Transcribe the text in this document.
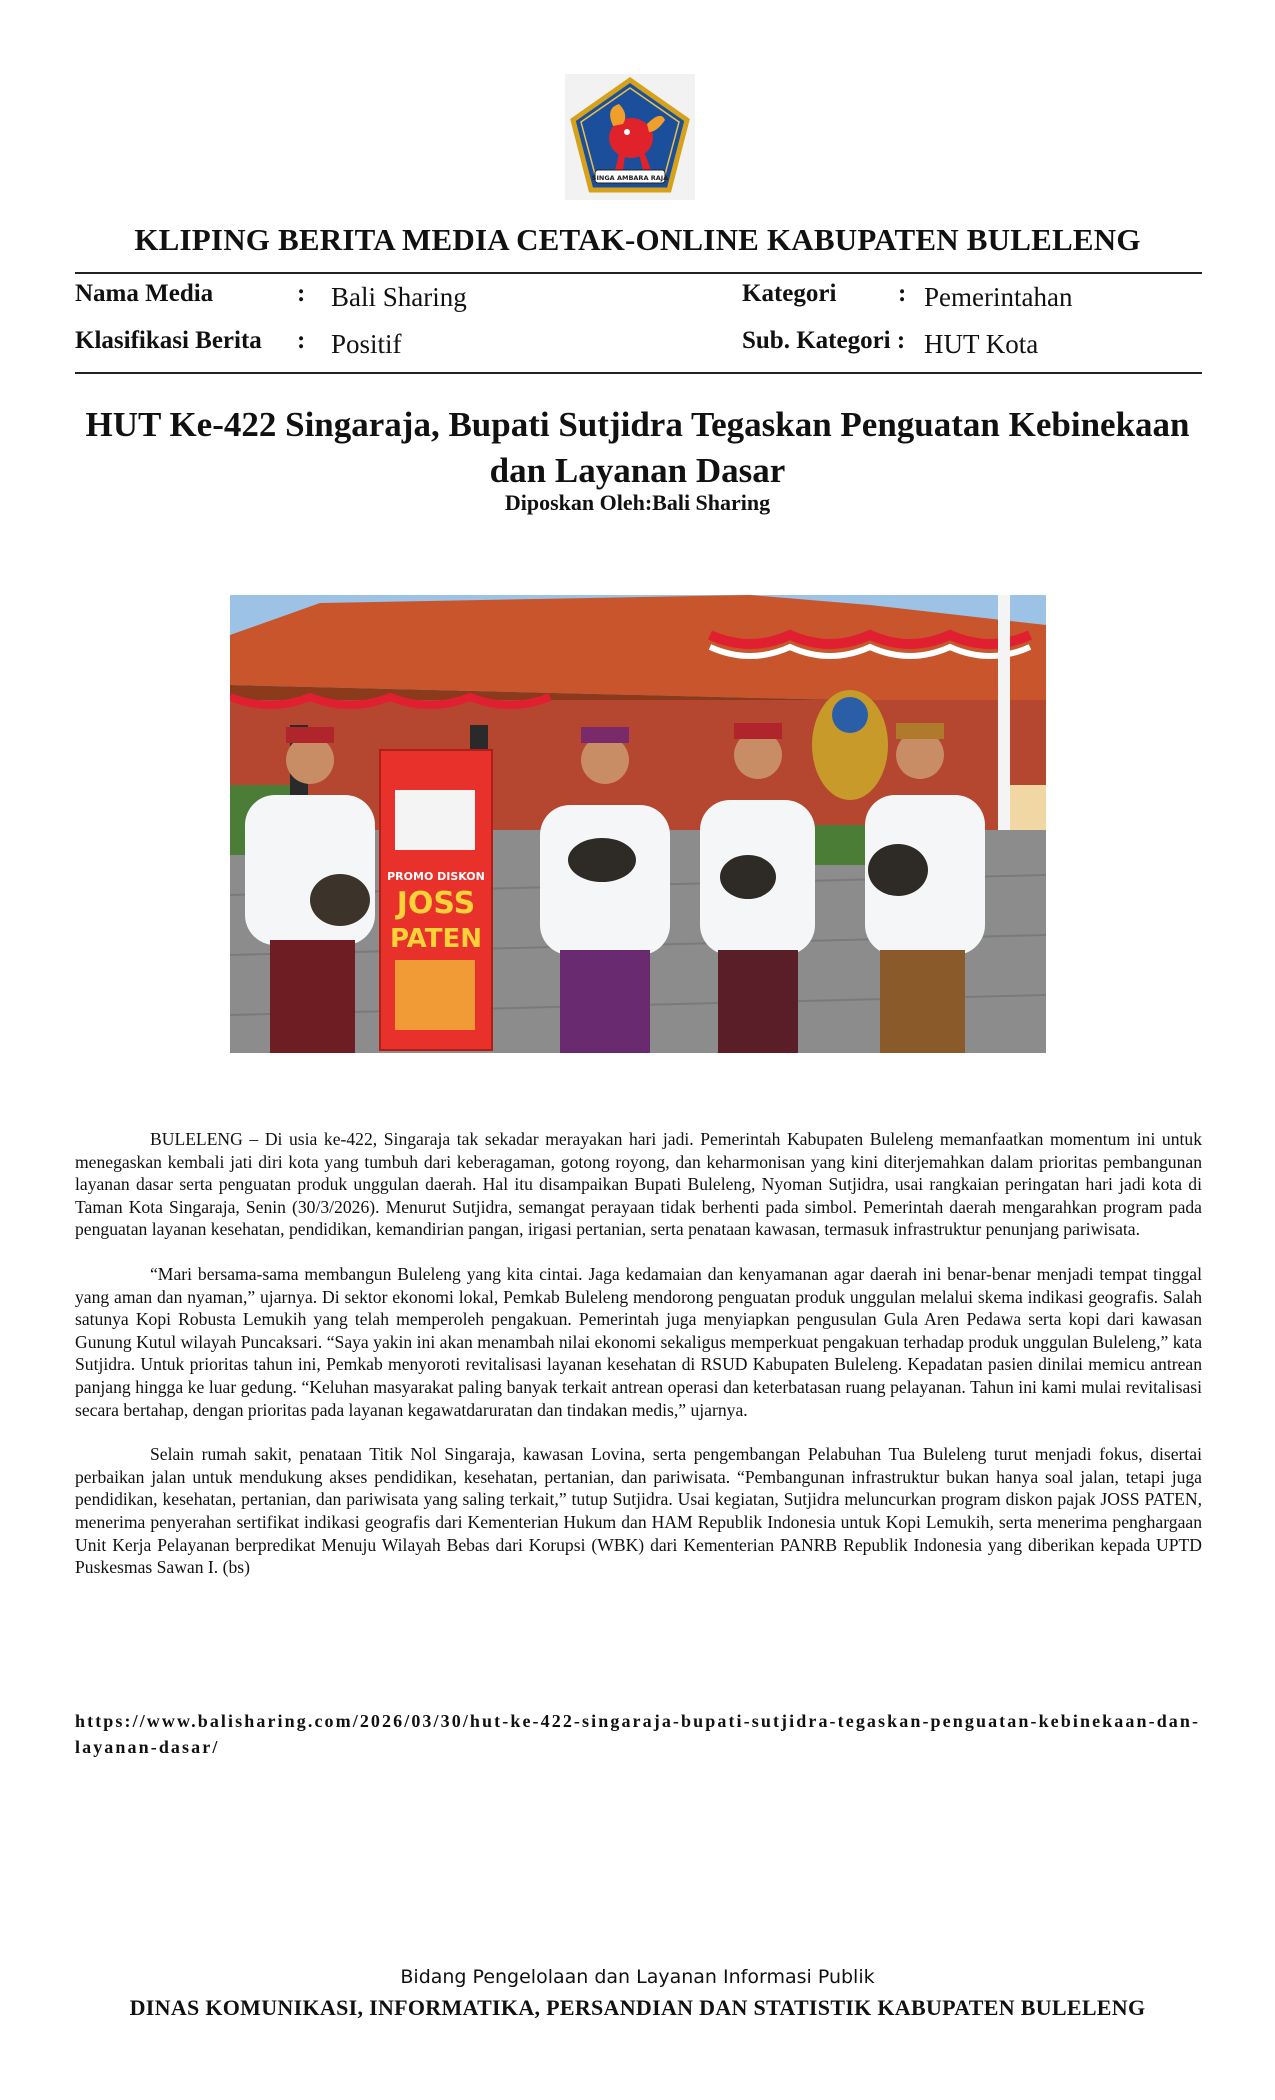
SINGA AMBARA RAJA
KLIPING BERITA MEDIA CETAK-ONLINE KABUPATEN BULELENG
Nama Media	: Bali Sharing
Klasifikasi Berita : Positif
Kategori : Pemerintahan
Sub. Kategori : HUT Kota
HUT Ke-422 Singaraja, Bupati Sutjidra Tegaskan Penguatan Kebinekaan dan Layanan Dasar
Diposkan Oleh:Bali Sharing
PROMO DISKON
JOSS
PATEN

BULELENG – Di usia ke-422, Singaraja tak sekadar merayakan hari jadi. Pemerintah Kabupaten Buleleng memanfaatkan momentum ini untuk menegaskan kembali jati diri kota yang tumbuh dari keberagaman, gotong royong, dan keharmonisan yang kini diterjemahkan dalam prioritas pembangunan layanan dasar serta penguatan produk unggulan daerah. Hal itu disampaikan Bupati Buleleng, Nyoman Sutjidra, usai rangkaian peringatan hari jadi kota di Taman Kota Singaraja, Senin (30/3/2026). Menurut Sutjidra, semangat perayaan tidak berhenti pada simbol. Pemerintah daerah mengarahkan program pada penguatan layanan kesehatan, pendidikan, kemandirian pangan, irigasi pertanian, serta penataan kawasan, termasuk infrastruktur penunjang pariwisata.

“Mari bersama-sama membangun Buleleng yang kita cintai. Jaga kedamaian dan kenyamanan agar daerah ini benar-benar menjadi tempat tinggal yang aman dan nyaman,” ujarnya. Di sektor ekonomi lokal, Pemkab Buleleng mendorong penguatan produk unggulan melalui skema indikasi geografis. Salah satunya Kopi Robusta Lemukih yang telah memperoleh pengakuan. Pemerintah juga menyiapkan pengusulan Gula Aren Pedawa serta kopi dari kawasan Gunung Kutul wilayah Puncaksari. “Saya yakin ini akan menambah nilai ekonomi sekaligus memperkuat pengakuan terhadap produk unggulan Buleleng,” kata Sutjidra. Untuk prioritas tahun ini, Pemkab menyoroti revitalisasi layanan kesehatan di RSUD Kabupaten Buleleng. Kepadatan pasien dinilai memicu antrean panjang hingga ke luar gedung. “Keluhan masyarakat paling banyak terkait antrean operasi dan keterbatasan ruang pelayanan. Tahun ini kami mulai revitalisasi secara bertahap, dengan prioritas pada layanan kegawatdaruratan dan tindakan medis,” ujarnya.

Selain rumah sakit, penataan Titik Nol Singaraja, kawasan Lovina, serta pengembangan Pelabuhan Tua Buleleng turut menjadi fokus, disertai perbaikan jalan untuk mendukung akses pendidikan, kesehatan, pertanian, dan pariwisata. “Pembangunan infrastruktur bukan hanya soal jalan, tetapi juga pendidikan, kesehatan, pertanian, dan pariwisata yang saling terkait,” tutup Sutjidra. Usai kegiatan, Sutjidra meluncurkan program diskon pajak JOSS PATEN, menerima penyerahan sertifikat indikasi geografis dari Kementerian Hukum dan HAM Republik Indonesia untuk Kopi Lemukih, serta menerima penghargaan Unit Kerja Pelayanan berpredikat Menuju Wilayah Bebas dari Korupsi (WBK) dari Kementerian PANRB Republik Indonesia yang diberikan kepada UPTD Puskesmas Sawan I. (bs)

https://www.balisharing.com/2026/03/30/hut-ke-422-singaraja-bupati-sutjidra-tegaskan-penguatan-kebinekaan-dan-layanan-dasar/
Bidang Pengelolaan dan Layanan Informasi Publik
DINAS KOMUNIKASI, INFORMATIKA, PERSANDIAN DAN STATISTIK KABUPATEN BULELENG
